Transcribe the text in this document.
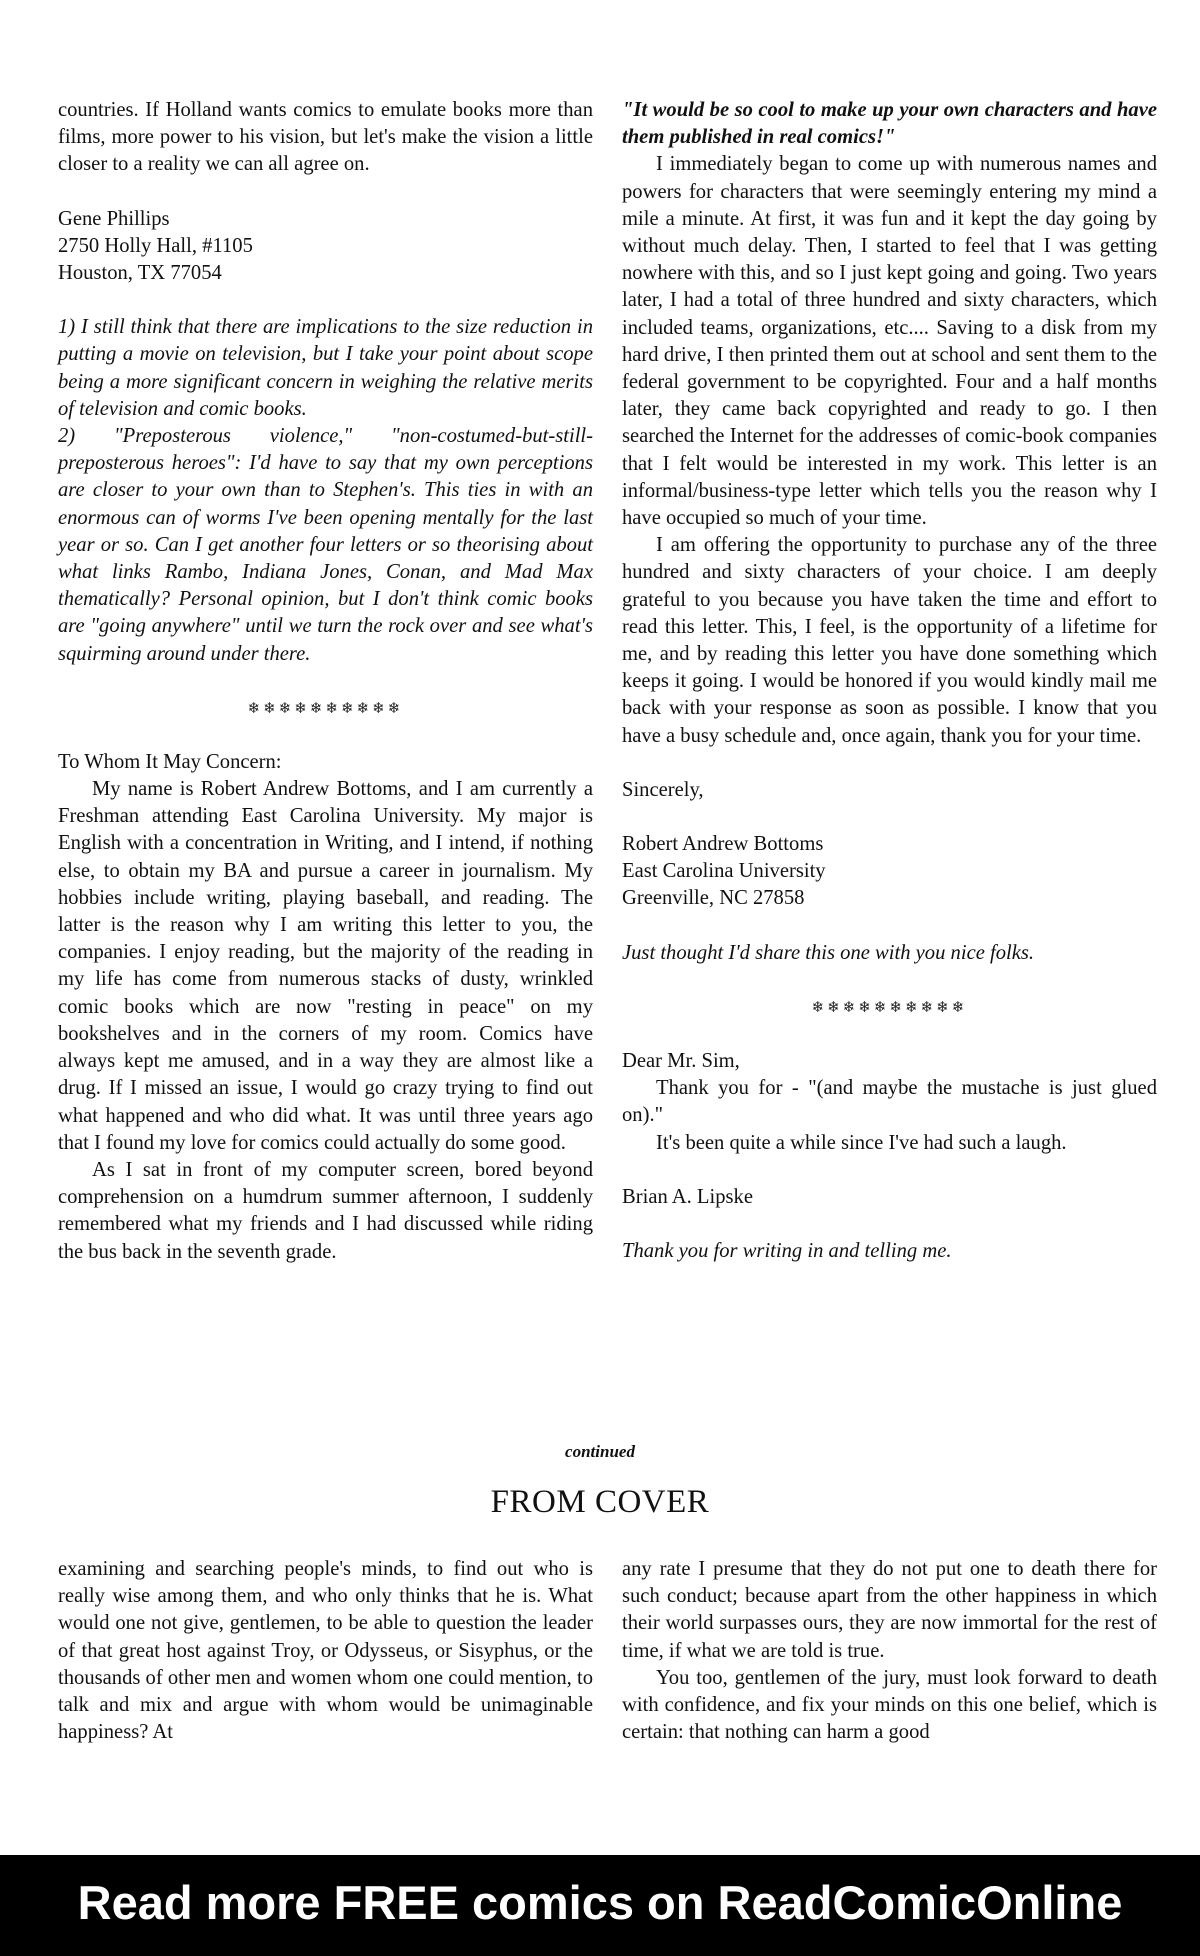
countries. If Holland wants comics to emulate books more than films, more power to his vision, but let's make the vision a little closer to a reality we can all agree on.

Gene Phillips

2750 Holly Hall, #1105

Houston, TX 77054

1) I still think that there are implications to the size reduction in putting a movie on television, but I take your point about scope being a more significant concern in weighing the relative merits of television and comic books.

2) "Preposterous violence," "non-costumed-but-still-preposterous heroes": I'd have to say that my own perceptions are closer to your own than to Stephen's. This ties in with an enormous can of worms I've been opening mentally for the last year or so. Can I get another four letters or so theorising about what links Rambo, Indiana Jones, Conan, and Mad Max thematically? Personal opinion, but I don't think comic books are "going anywhere" until we turn the rock over and see what's squirming around under there.

❄❄❄❄❄❄❄❄❄❄

To Whom It May Concern:

My name is Robert Andrew Bottoms, and I am currently a Freshman attending East Carolina University. My major is English with a concentration in Writing, and I intend, if nothing else, to obtain my BA and pursue a career in journalism. My hobbies include writing, playing baseball, and reading. The latter is the reason why I am writing this letter to you, the companies. I enjoy reading, but the majority of the reading in my life has come from numerous stacks of dusty, wrinkled comic books which are now "resting in peace" on my bookshelves and in the corners of my room. Comics have always kept me amused, and in a way they are almost like a drug. If I missed an issue, I would go crazy trying to find out what happened and who did what. It was until three years ago that I found my love for comics could actually do some good.

As I sat in front of my computer screen, bored beyond comprehension on a humdrum summer afternoon, I suddenly remembered what my friends and I had discussed while riding the bus back in the seventh grade.

"It would be so cool to make up your own characters and have them published in real comics!"

I immediately began to come up with numerous names and powers for characters that were seemingly entering my mind a mile a minute. At first, it was fun and it kept the day going by without much delay. Then, I started to feel that I was getting nowhere with this, and so I just kept going and going. Two years later, I had a total of three hundred and sixty characters, which included teams, organizations, etc.... Saving to a disk from my hard drive, I then printed them out at school and sent them to the federal government to be copyrighted. Four and a half months later, they came back copyrighted and ready to go. I then searched the Internet for the addresses of comic-book companies that I felt would be interested in my work. This letter is an informal/business-type letter which tells you the reason why I have occupied so much of your time.

I am offering the opportunity to purchase any of the three hundred and sixty characters of your choice. I am deeply grateful to you because you have taken the time and effort to read this letter. This, I feel, is the opportunity of a lifetime for me, and by reading this letter you have done something which keeps it going. I would be honored if you would kindly mail me back with your response as soon as possible. I know that you have a busy schedule and, once again, thank you for your time.

Sincerely,

Robert Andrew Bottoms

East Carolina University

Greenville, NC 27858

Just thought I'd share this one with you nice folks.

❄❄❄❄❄❄❄❄❄❄

Dear Mr. Sim,

Thank you for - "(and maybe the mustache is just glued on)."

It's been quite a while since I've had such a laugh.

Brian A. Lipske

Thank you for writing in and telling me.

continued
FROM COVER

examining and searching people's minds, to find out who is really wise among them, and who only thinks that he is. What would one not give, gentlemen, to be able to question the leader of that great host against Troy, or Odysseus, or Sisyphus, or the thousands of other men and women whom one could mention, to talk and mix and argue with whom would be unimaginable happiness? At

any rate I presume that they do not put one to death there for such conduct; because apart from the other happiness in which their world surpasses ours, they are now immortal for the rest of time, if what we are told is true.

You too, gentlemen of the jury, must look forward to death with confidence, and fix your minds on this one belief, which is certain: that nothing can harm a good

Read more FREE comics on ReadComicOnline
